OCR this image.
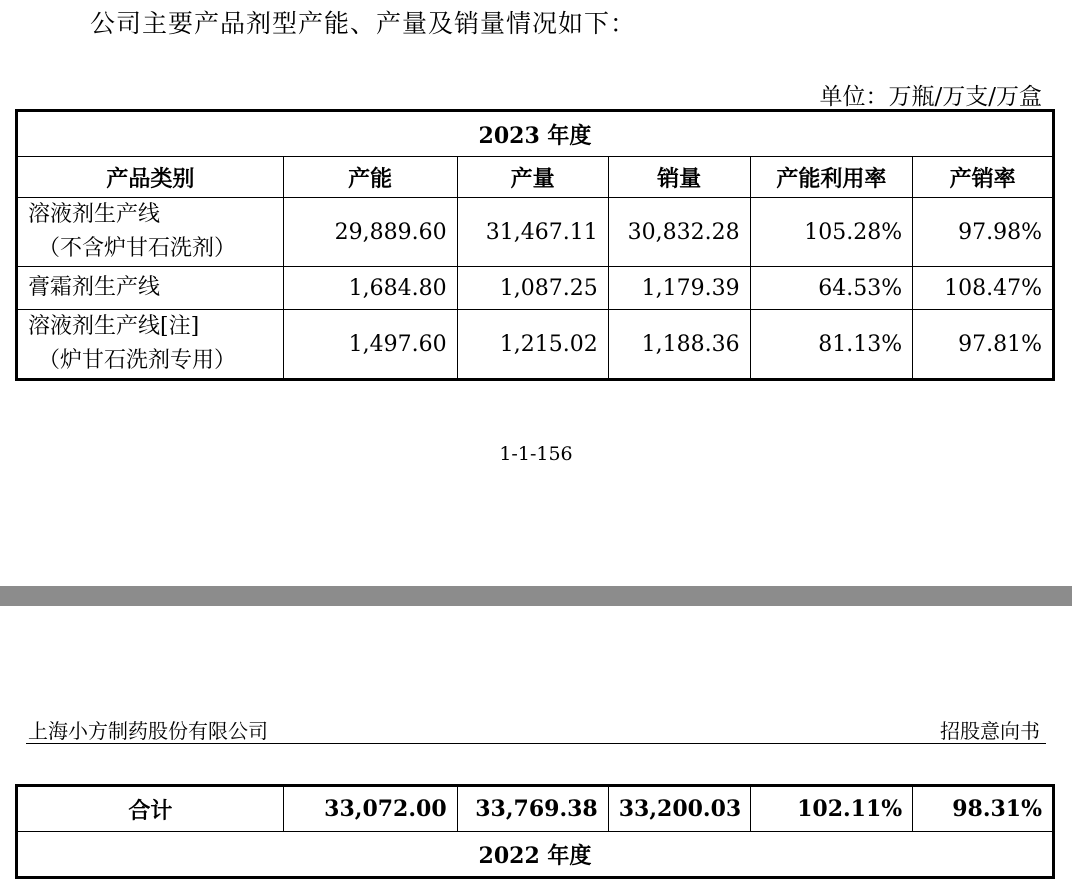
公司主要产品剂型产能、产量及销量情况如下：
单位：万瓶/万支/万盒
2023 年度					
产品类别	产能	产量	销量	产能利用率	产销率
溶液剂生产线
（不含炉甘石洗剂）	29,889.60	31,467.11	30,832.28	105.28%	97.98%
膏霜剂生产线	1,684.80	1,087.25	1,179.39	64.53%	108.47%
溶液剂生产线[注]
（炉甘石洗剂专用）	1,497.60	1,215.02	1,188.36	81.13%	97.81%
1-1-156
上海小方制药股份有限公司	招股意向书
合计	33,072.00	33,769.38	33,200.03	102.11%	98.31%
2022 年度
